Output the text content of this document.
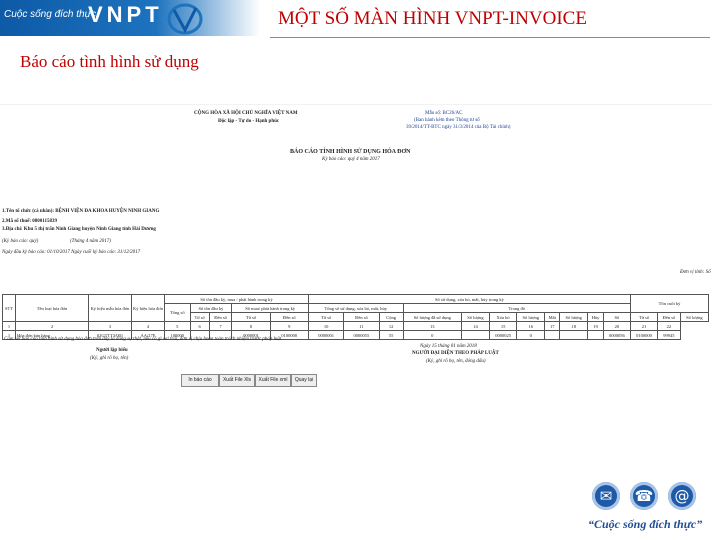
Cuộc sống đích thực
VNPT	MỘT SỐ MÀN HÌNH VNPT-INVOICE
Báo cáo tình hình sử dụng
CỘNG HÒA XÃ HỘI CHỦ NGHĨA VIỆT NAM
Độc lập - Tự do - Hạnh phúc
Mẫu số: BC26/AC
(Ban hành kèm theo Thông tư số
39/2014/TT-BTC ngày 31/3/2014 của Bộ Tài chính)
BÁO CÁO TÌNH HÌNH SỬ DỤNG HÓA ĐƠN
Kỳ báo cáo: quý 4 năm 2017
1.Tên tổ chức (cá nhân): BỆNH VIỆN ĐA KHOA HUYỆN NINH GIANG
2.Mã số thuế: 0800115839
3.Địa chỉ: Khu 5 thị trấn Ninh Giang huyện Ninh Giang tỉnh Hải Dương
(Kỳ báo cáo: quý)	(Tháng 4 năm 2017)
Ngày đầu kỳ báo cáo: 01/10/2017 Ngày cuối kỳ báo cáo: 31/12/2017
Đơn vị tính: Số
STT	Tên loại hóa đơn	Ký hiệu mẫu hóa đơn	Ký hiệu hóa đơn	Số tồn đầu kỳ, mua / phát hành trong kỳ					Số sử dụng, xóa bỏ, mất, hủy trong kỳ											Tồn cuối kỳ		
				Tổng số	Số tồn đầu kỳ		Số mua/ phát hành trong kỳ		Tổng số sử dụng, xóa bỏ, mất, hủy			Trong đó										
					Từ số	Đến số	Từ số	Đến số	Từ số	Đến số	Cộng	Số lượng đã sử dụng	Số lượng	Xóa bỏ	Số lượng	Mất	Số lượng	Hủy	Số	Từ số	Đến số	Số lượng
1	2	3	4	5	6	7	8	9	10	11	12	13	14	15	16	17	18	19	20	21	22	
1	Hóa đơn bán hàng	02GTTT3/001	AA/17E	100000			0000001	0100000	0000001	0000055	55	0		0000025	0				0000056	0100000	99945	
Cam kết báo cáo tình hình sử dụng hóa đơn trên đây là đúng sự thật, nếu có gì sai trái, đơn vị chịu hoàn toàn trách nhiệm trước pháp luật.
Người lập biểu
(Ký, ghi rõ họ, tên)
Ngày 15 tháng 01 năm 2018
NGƯỜI ĐẠI DIỆN THEO PHÁP LUẬT
(Ký, ghi rõ họ, tên, đóng dấu)
In báo cáo	Xuất File Xls	Xuất File xml	Quay lại
✉	☎	@
“Cuộc sống đích thực”
